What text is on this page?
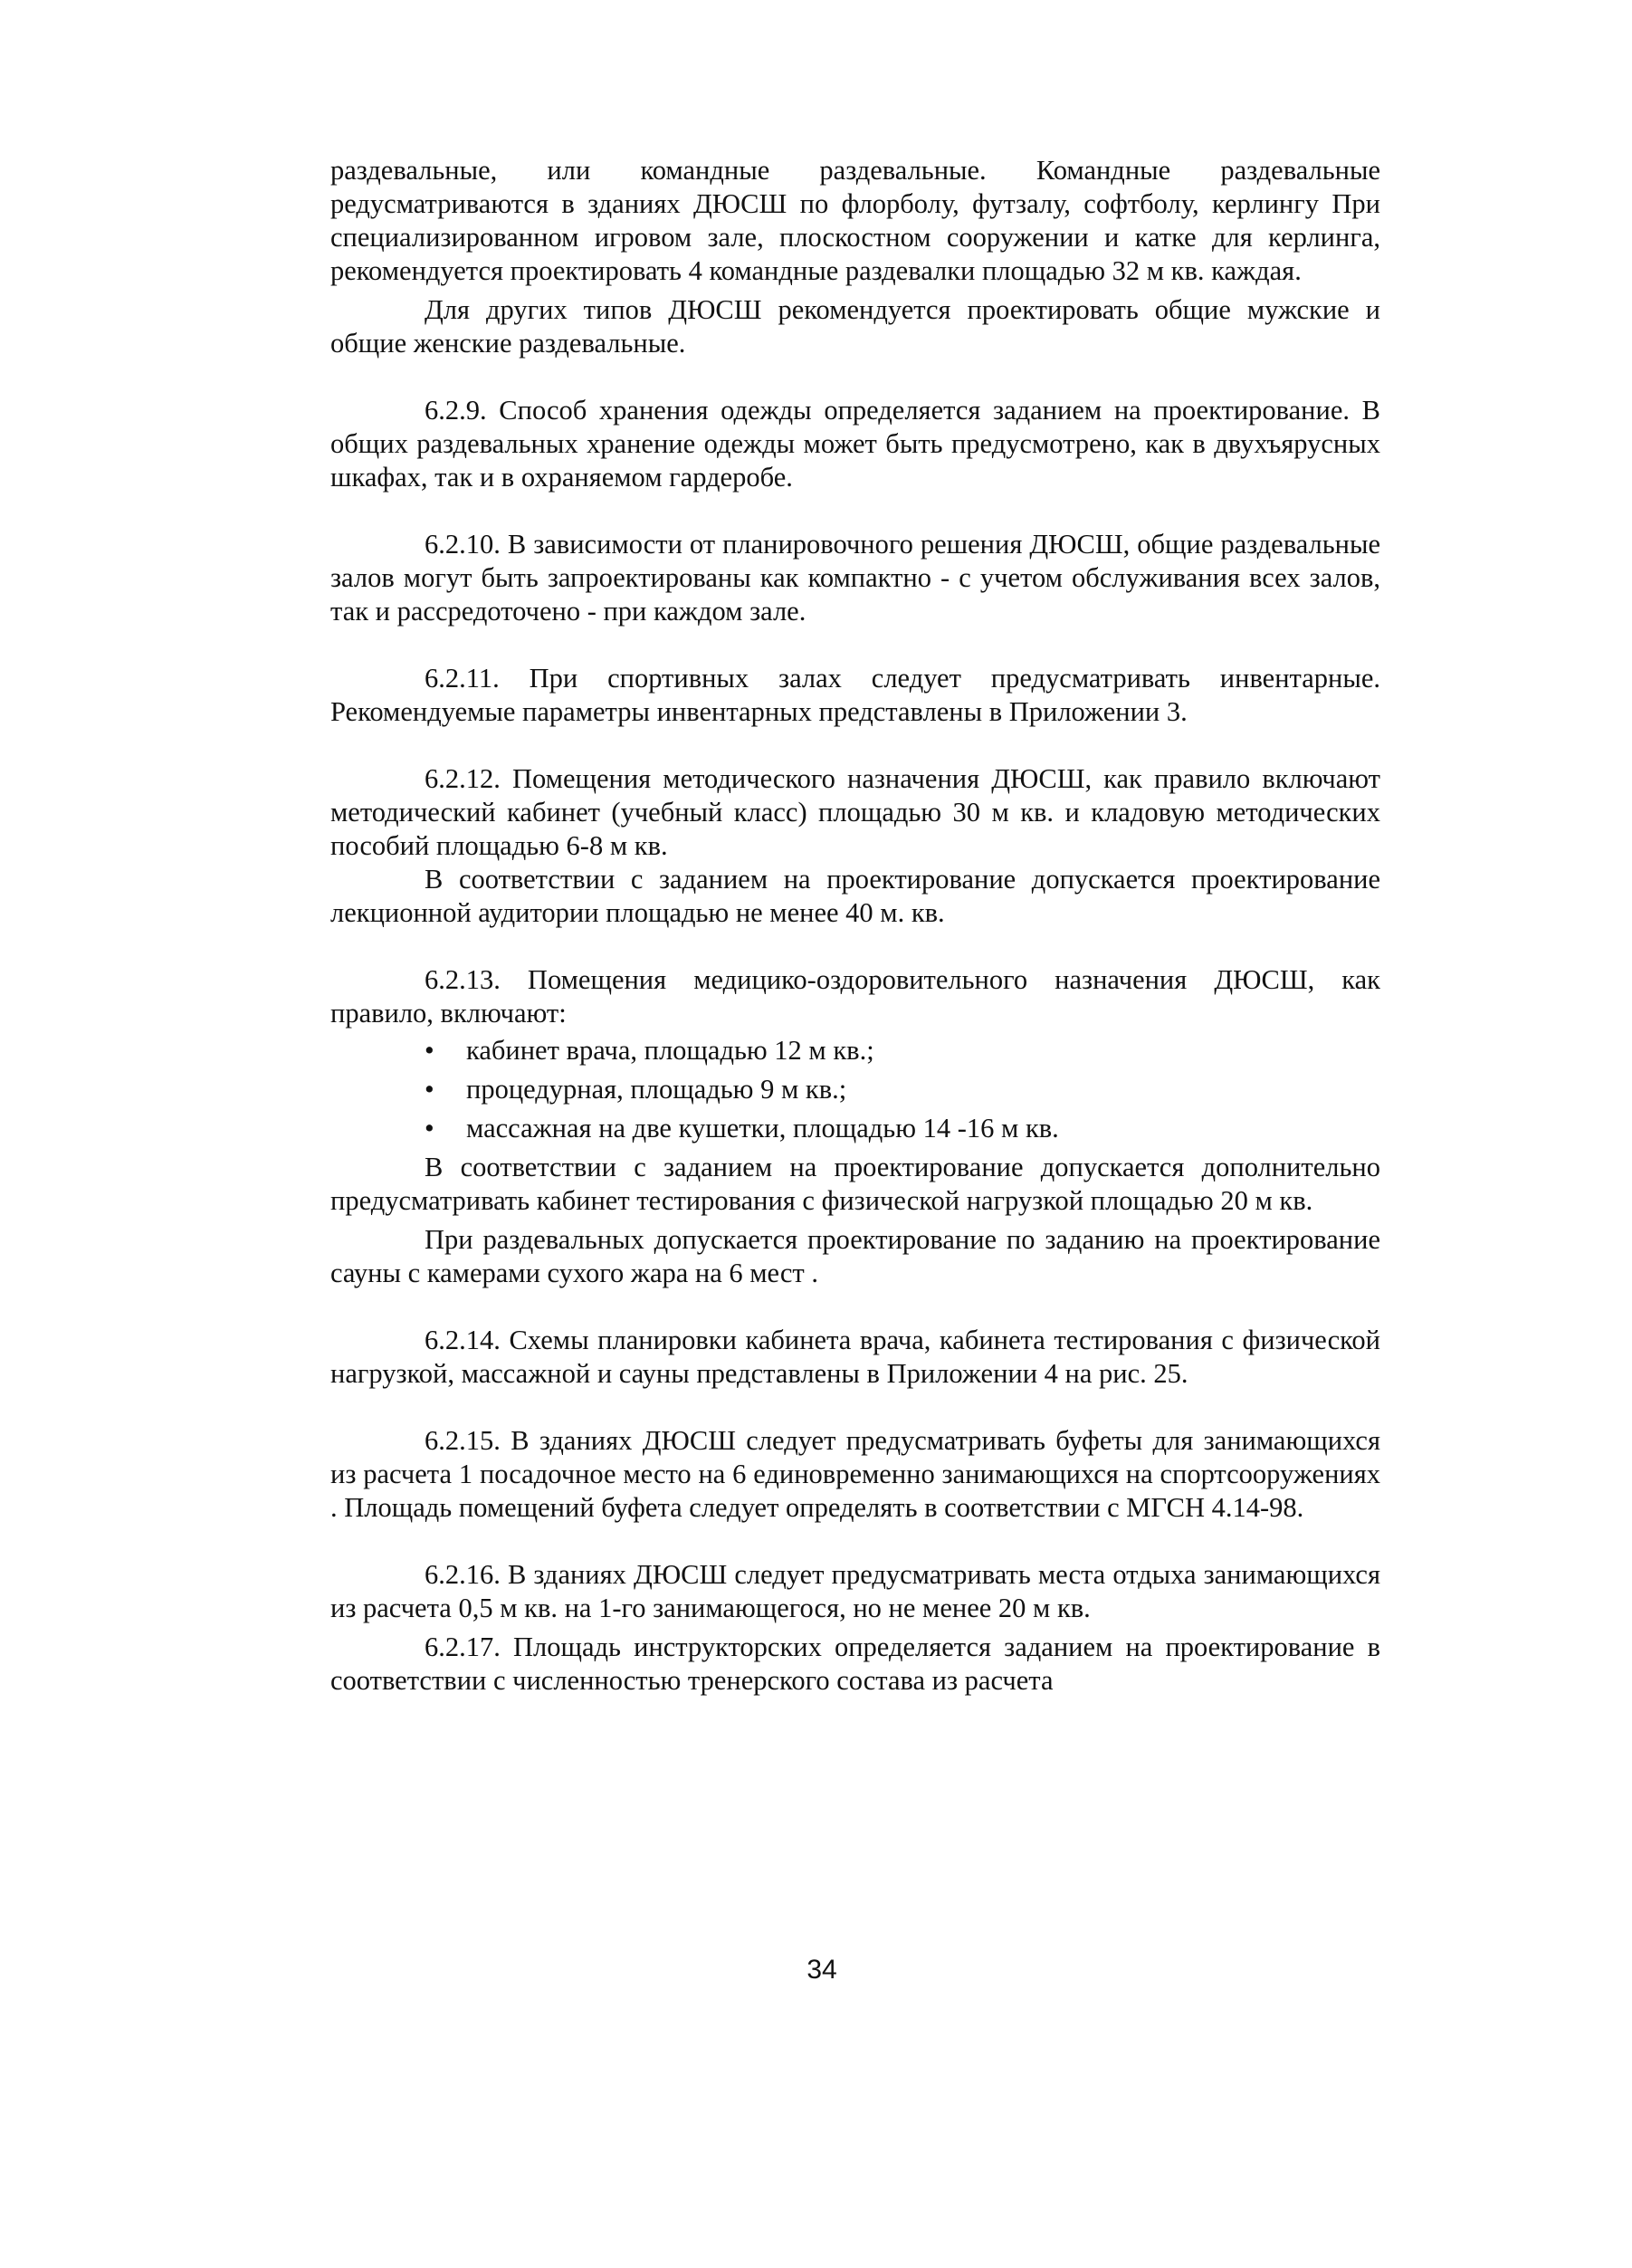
раздевальные, или командные раздевальные. Командные раздевальные редусматриваются в зданиях ДЮСШ по флорболу, футзалу, софтболу, керлингу При специализированном игровом зале, плоскостном сооружении и катке для керлинга, рекомендуется проектировать 4 командные раздевалки площадью 32 м кв. каждая.

Для других типов ДЮСШ рекомендуется проектировать общие мужские и общие женские раздевальные.

6.2.9. Способ хранения одежды определяется заданием на проектирование. В общих раздевальных хранение одежды может быть предусмотрено, как в двухъярусных шкафах, так и в охраняемом гардеробе.

6.2.10. В зависимости от планировочного решения ДЮСШ, общие раздевальные залов могут быть запроектированы как компактно - с учетом обслуживания всех залов, так и рассредоточено - при каждом зале.

6.2.11. При спортивных залах следует предусматривать инвентарные. Рекомендуемые параметры инвентарных представлены в Приложении 3.

6.2.12. Помещения методического назначения ДЮСШ, как правило включают методический кабинет (учебный класс) площадью 30 м кв. и кладовую методических пособий площадью 6-8 м кв.

В соответствии с заданием на проектирование допускается проектирование лекционной аудитории площадью не менее 40 м. кв.

6.2.13. Помещения медицико-оздоровительного назначения ДЮСШ, как правило, включают:

• кабинет врача, площадью 12 м кв.;
• процедурная, площадью 9 м кв.;
• массажная на две кушетки, площадью 14 -16 м кв.

В соответствии с заданием на проектирование допускается дополнительно предусматривать кабинет тестирования с физической нагрузкой площадью 20 м кв.

При раздевальных допускается проектирование по заданию на проектирование сауны с камерами сухого жара на 6 мест .

6.2.14. Схемы планировки кабинета врача, кабинета тестирования с физической нагрузкой, массажной и сауны представлены в Приложении 4 на рис. 25.

6.2.15. В зданиях ДЮСШ следует предусматривать буфеты для занимающихся из расчета 1 посадочное место на 6 единовременно занимающихся на спортсооружениях . Площадь помещений буфета следует определять в соответствии с МГСН 4.14-98.

6.2.16. В зданиях ДЮСШ следует предусматривать места отдыха занимающихся из расчета 0,5 м кв. на 1-го занимающегося, но не менее 20 м кв.

6.2.17. Площадь инструкторских определяется заданием на проектирование в соответствии с численностью тренерского состава из расчета

34
